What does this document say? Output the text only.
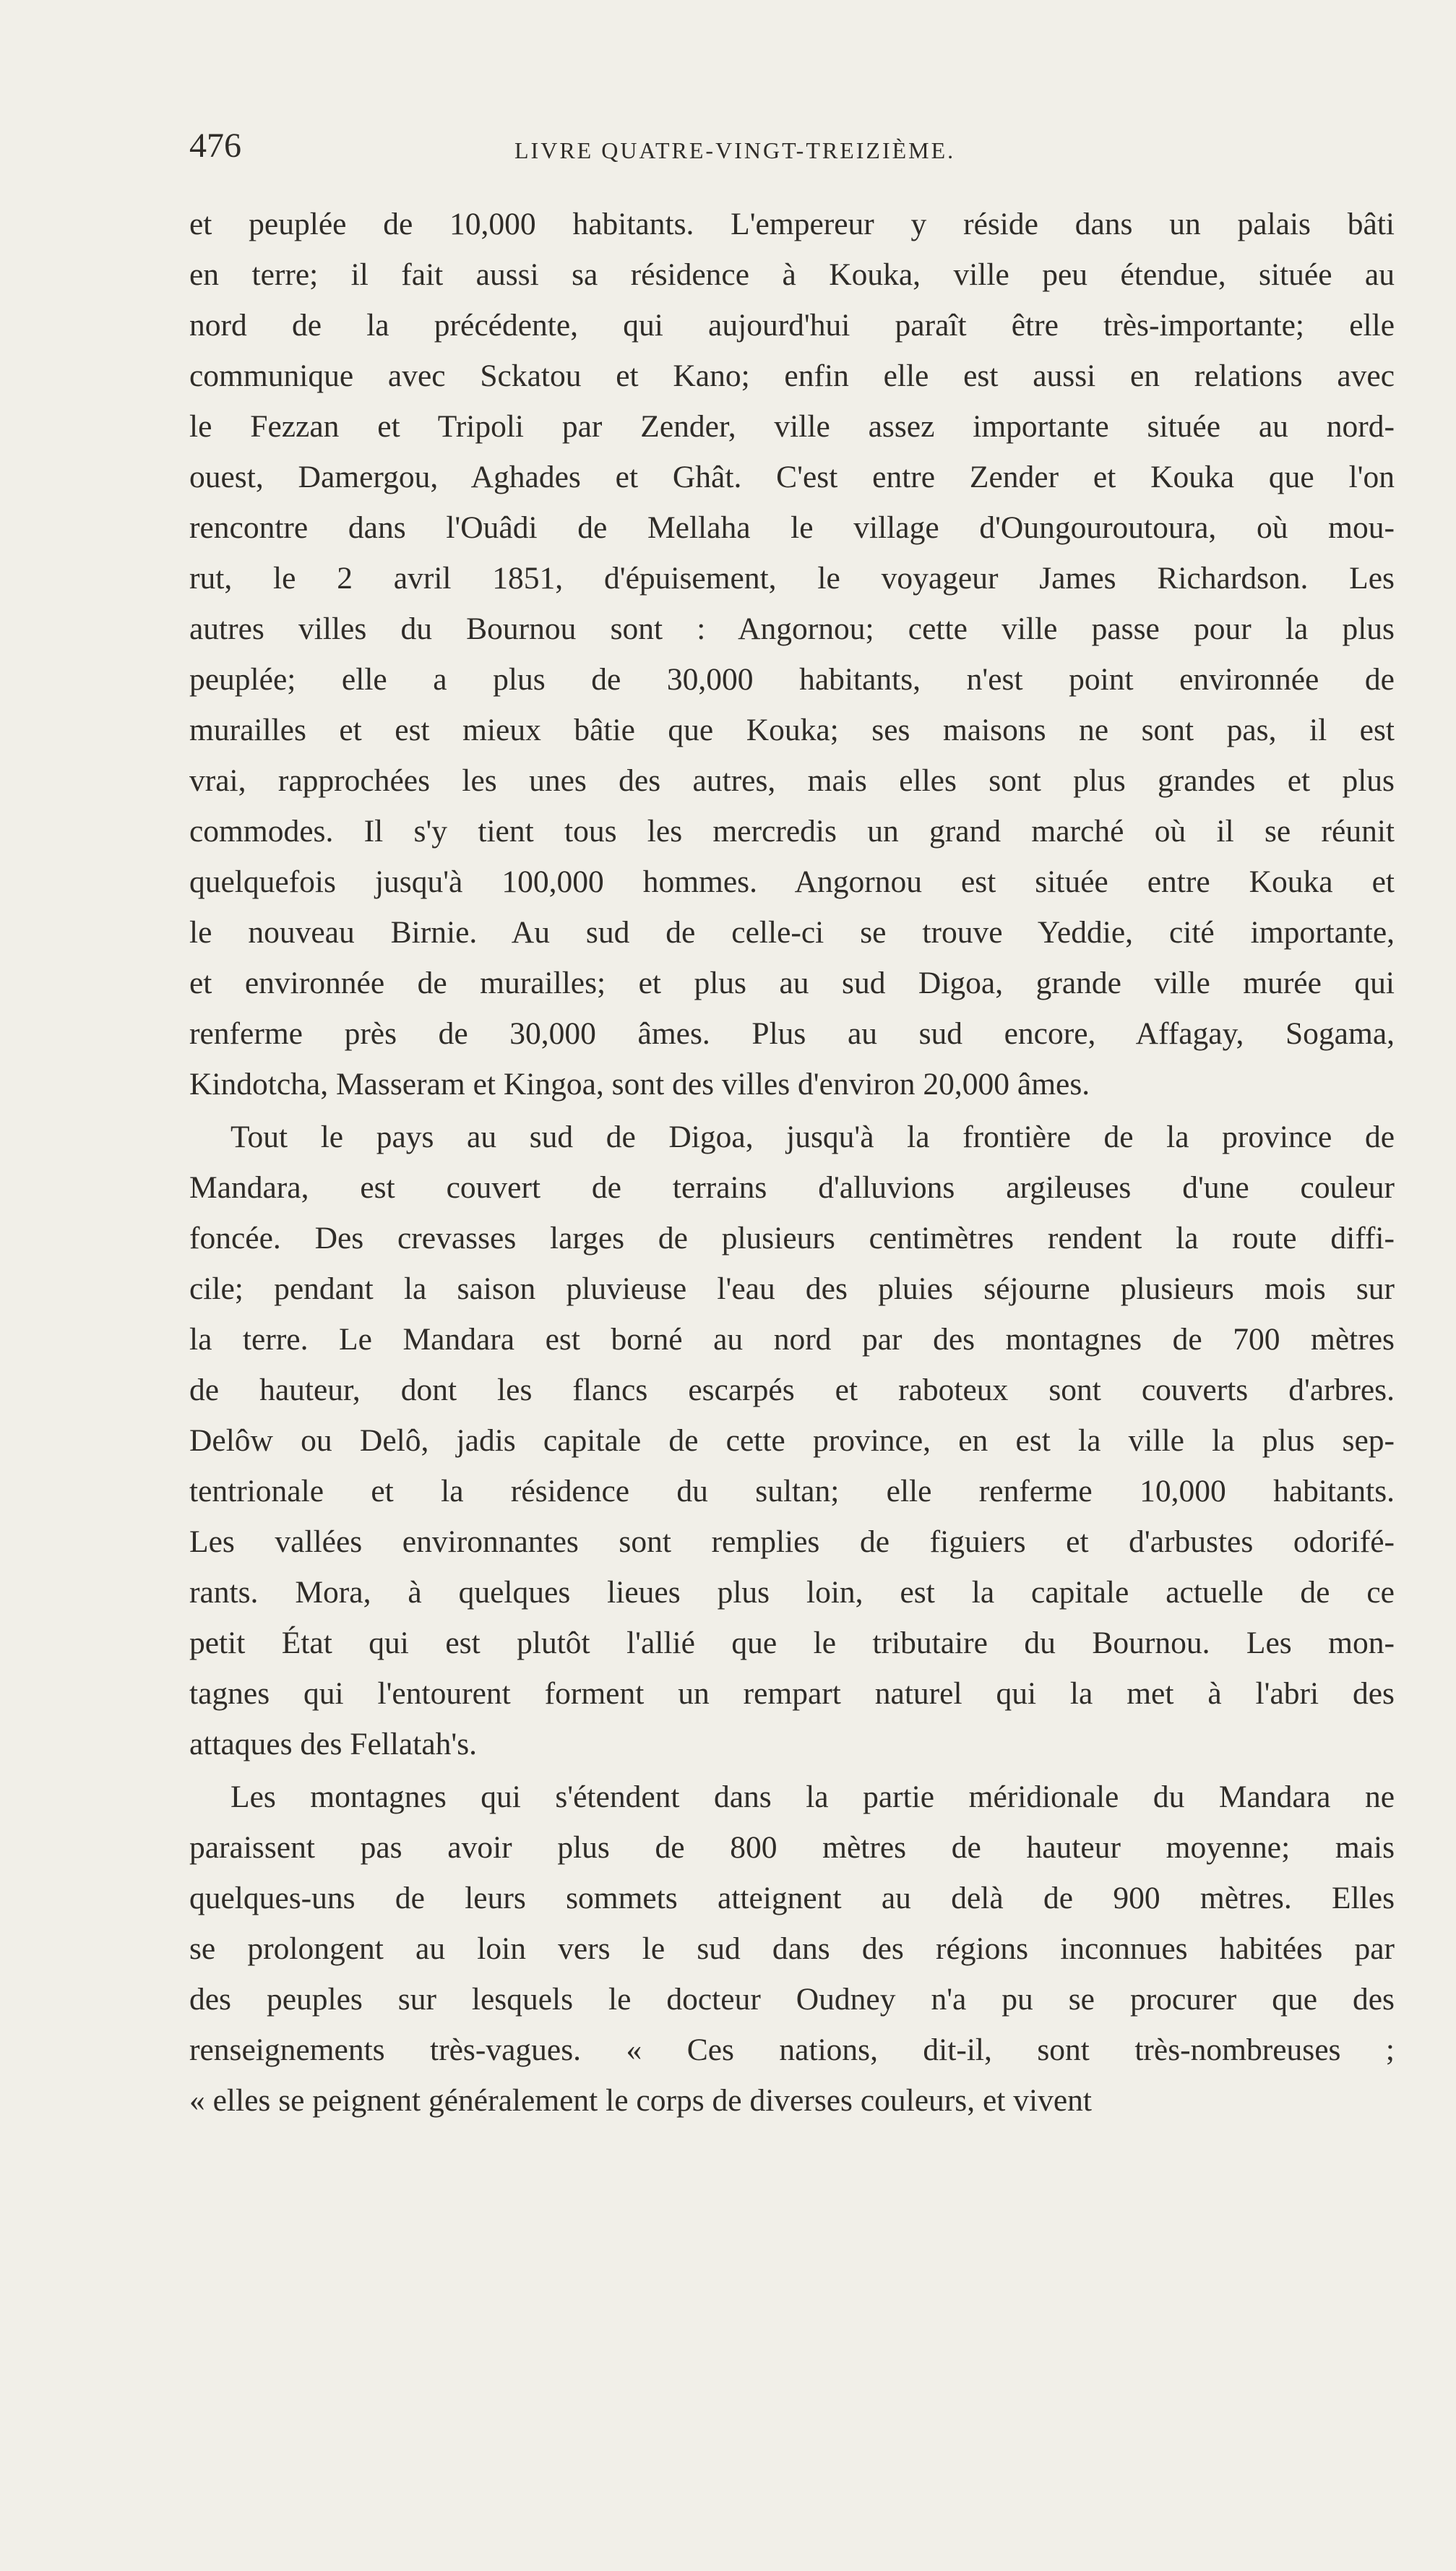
476	LIVRE QUATRE-VINGT-TREIZIÈME.
et peuplée de 10,000 habitants. L'empereur y réside dans un palais bâti
en terre; il fait aussi sa résidence à Kouka, ville peu étendue, située au
nord de la précédente, qui aujourd'hui paraît être très-importante; elle
communique avec Sckatou et Kano; enfin elle est aussi en relations avec
le Fezzan et Tripoli par Zender, ville assez importante située au nord-
ouest, Damergou, Aghades et Ghât. C'est entre Zender et Kouka que l'on
rencontre dans l'Ouâdi de Mellaha le village d'Oungouroutoura, où mou-
rut, le 2 avril 1851, d'épuisement, le voyageur James Richardson. Les
autres villes du Bournou sont : Angornou; cette ville passe pour la plus
peuplée; elle a plus de 30,000 habitants, n'est point environnée de
murailles et est mieux bâtie que Kouka; ses maisons ne sont pas, il est
vrai, rapprochées les unes des autres, mais elles sont plus grandes et plus
commodes. Il s'y tient tous les mercredis un grand marché où il se réunit
quelquefois jusqu'à 100,000 hommes. Angornou est située entre Kouka et
le nouveau Birnie. Au sud de celle-ci se trouve Yeddie, cité importante,
et environnée de murailles; et plus au sud Digoa, grande ville murée qui
renferme près de 30,000 âmes. Plus au sud encore, Affagay, Sogama,
Kindotcha, Masseram et Kingoa, sont des villes d'environ 20,000 âmes.
Tout le pays au sud de Digoa, jusqu'à la frontière de la province de
Mandara, est couvert de terrains d'alluvions argileuses d'une couleur
foncée. Des crevasses larges de plusieurs centimètres rendent la route diffi-
cile; pendant la saison pluvieuse l'eau des pluies séjourne plusieurs mois sur
la terre. Le Mandara est borné au nord par des montagnes de 700 mètres
de hauteur, dont les flancs escarpés et raboteux sont couverts d'arbres.
Delôw ou Delô, jadis capitale de cette province, en est la ville la plus sep-
tentrionale et la résidence du sultan; elle renferme 10,000 habitants.
Les vallées environnantes sont remplies de figuiers et d'arbustes odorifé-
rants. Mora, à quelques lieues plus loin, est la capitale actuelle de ce
petit État qui est plutôt l'allié que le tributaire du Bournou. Les mon-
tagnes qui l'entourent forment un rempart naturel qui la met à l'abri des
attaques des Fellatah's.
Les montagnes qui s'étendent dans la partie méridionale du Mandara ne
paraissent pas avoir plus de 800 mètres de hauteur moyenne; mais
quelques-uns de leurs sommets atteignent au delà de 900 mètres. Elles
se prolongent au loin vers le sud dans des régions inconnues habitées par
des peuples sur lesquels le docteur Oudney n'a pu se procurer que des
renseignements très-vagues. « Ces nations, dit-il, sont très-nombreuses ;
« elles se peignent généralement le corps de diverses couleurs, et vivent
